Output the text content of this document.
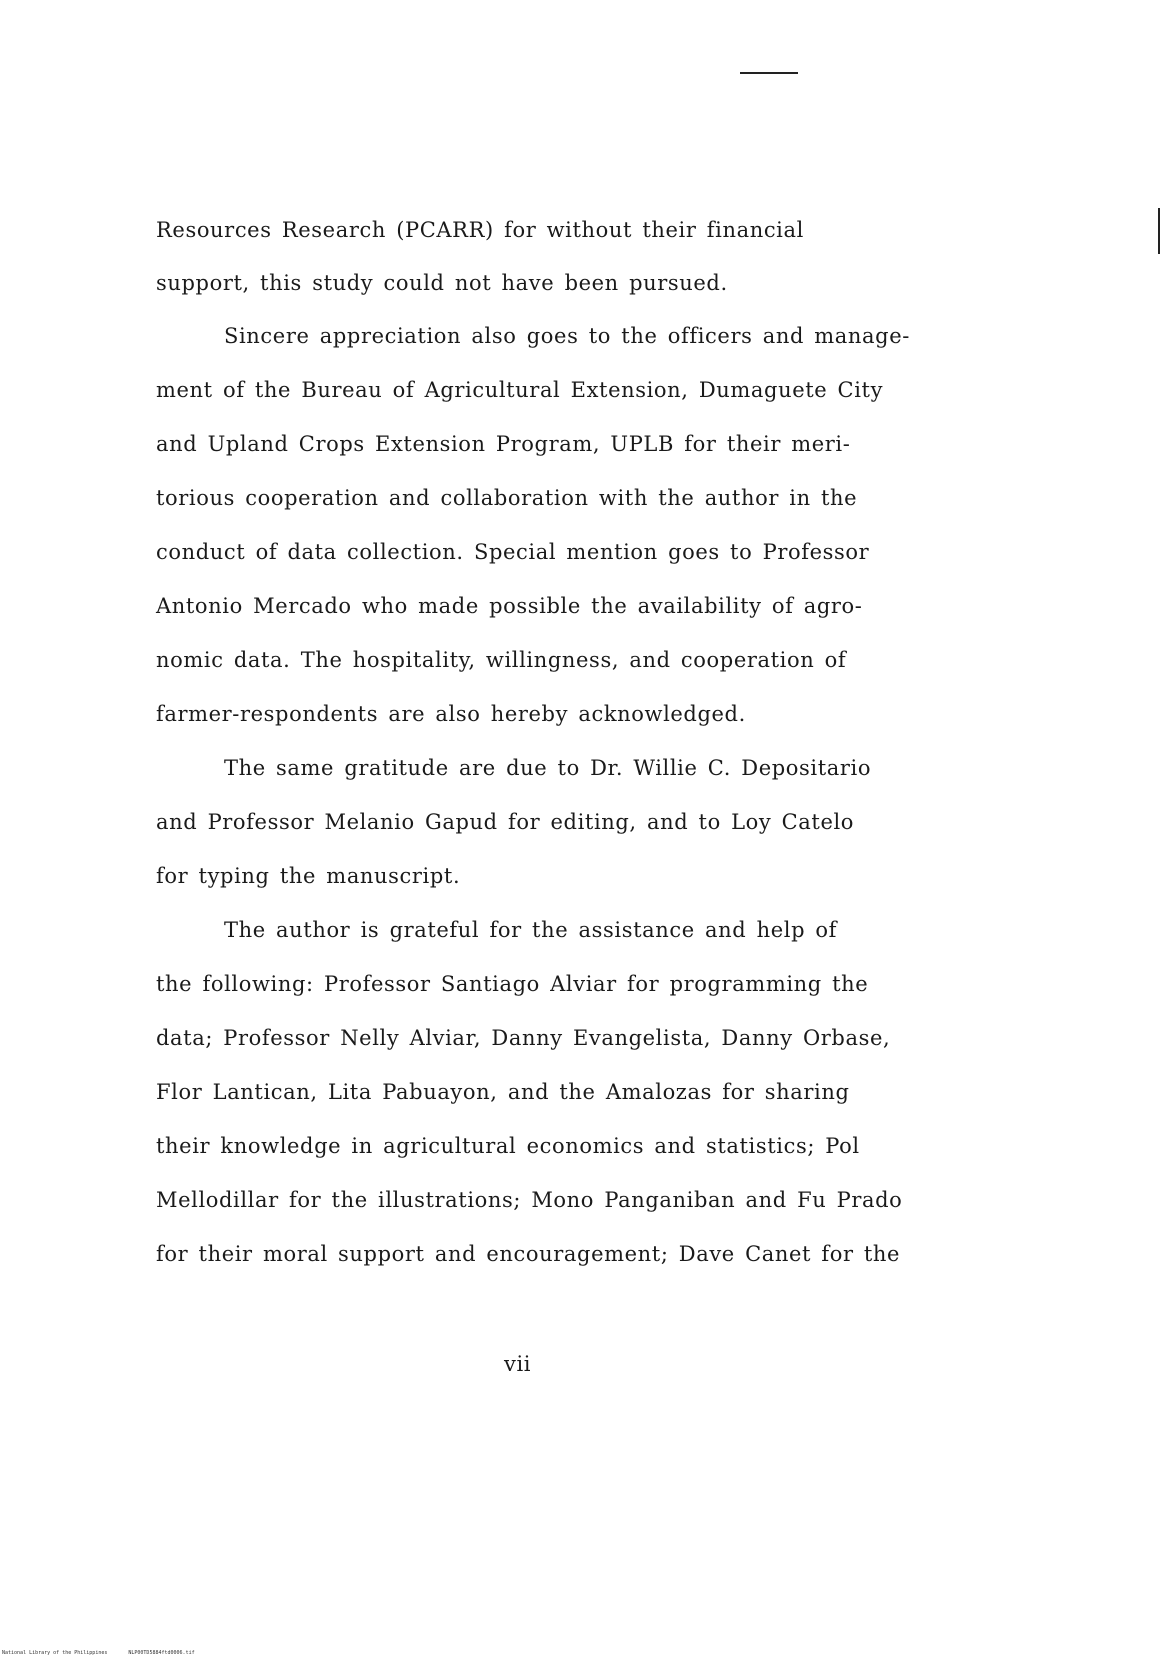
Resources Research (PCARR) for without their financial
support, this study could not have been pursued.
Sincere appreciation also goes to the officers and manage-
ment of the Bureau of Agricultural Extension, Dumaguete City
and Upland Crops Extension Program, UPLB for their meri-
torious cooperation and collaboration with the author in the
conduct of data collection. Special mention goes to Professor
Antonio Mercado who made possible the availability of agro-
nomic data. The hospitality, willingness, and cooperation of
farmer-respondents are also hereby acknowledged.
The same gratitude are due to Dr. Willie C. Depositario
and Professor Melanio Gapud for editing, and to Loy Catelo
for typing the manuscript.
The author is grateful for the assistance and help of
the following: Professor Santiago Alviar for programming the
data; Professor Nelly Alviar, Danny Evangelista, Danny Orbase,
Flor Lantican, Lita Pabuayon, and the Amalozas for sharing
their knowledge in agricultural economics and statistics; Pol
Mellodillar for the illustrations; Mono Panganiban and Fu Prado
for their moral support and encouragement; Dave Canet for the
vii
National Library of the Philippines	NLP00TD5884ftd0006.tif
